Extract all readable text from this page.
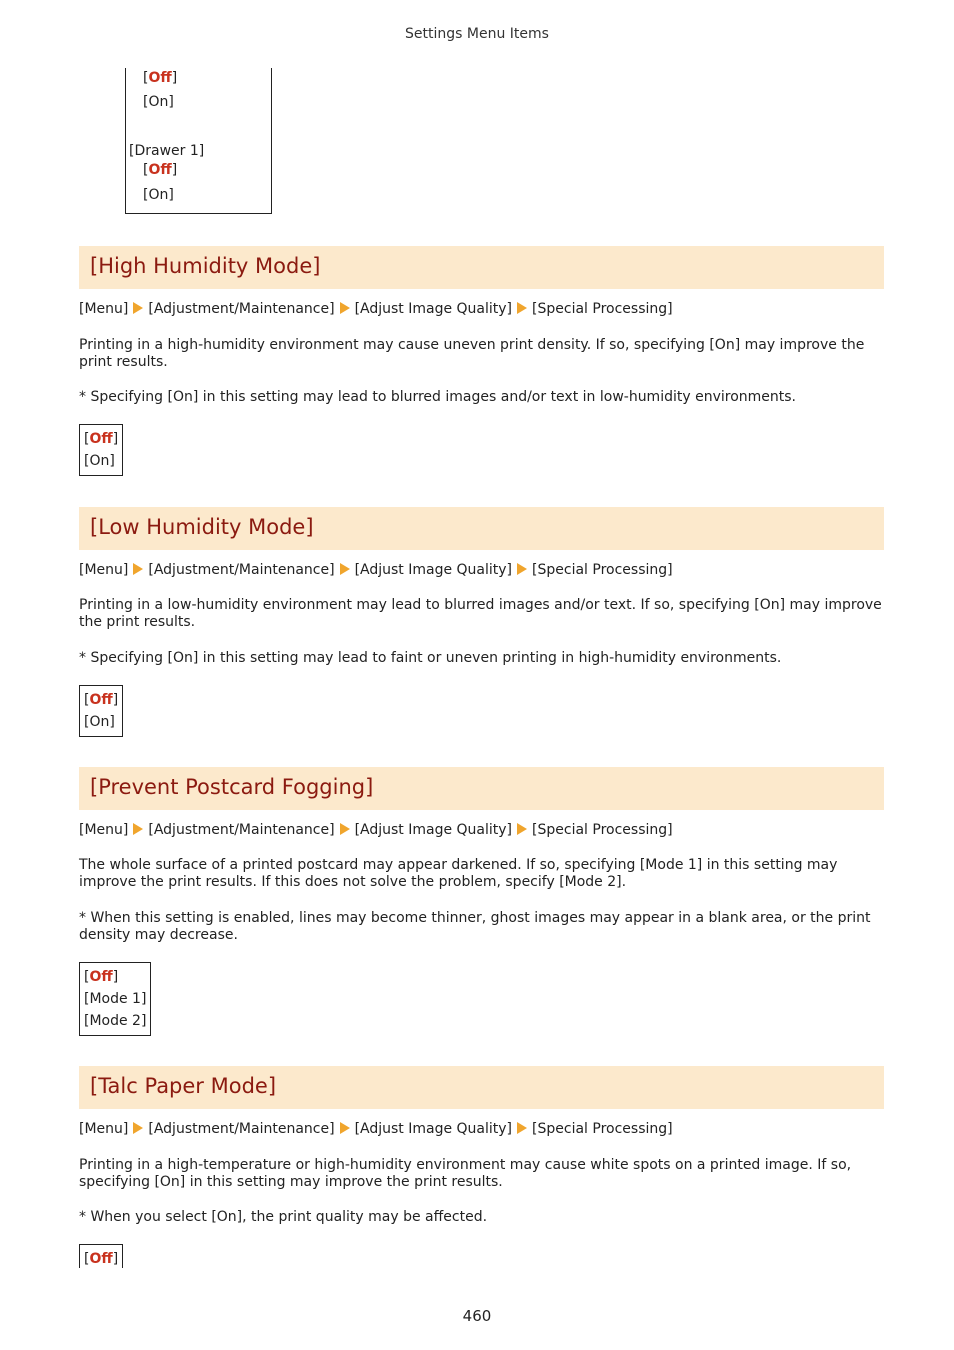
Settings Menu Items
[Off]
[On]
[Drawer 1]
[Off]
[On]
[High Humidity Mode]
[Menu] [Adjustment/Maintenance] [Adjust Image Quality] [Special Processing]
Printing in a high-humidity environment may cause uneven print density. If so, specifying [On] may improve the print results.
* Specifying [On] in this setting may lead to blurred images and/or text in low-humidity environments.
[Off]
[On]
[Low Humidity Mode]
[Menu] [Adjustment/Maintenance] [Adjust Image Quality] [Special Processing]
Printing in a low-humidity environment may lead to blurred images and/or text. If so, specifying [On] may improve the print results.
* Specifying [On] in this setting may lead to faint or uneven printing in high-humidity environments.
[Off]
[On]
[Prevent Postcard Fogging]
[Menu] [Adjustment/Maintenance] [Adjust Image Quality] [Special Processing]
The whole surface of a printed postcard may appear darkened. If so, specifying [Mode 1] in this setting may improve the print results. If this does not solve the problem, specify [Mode 2].
* When this setting is enabled, lines may become thinner, ghost images may appear in a blank area, or the print density may decrease.
[Off]
[Mode 1]
[Mode 2]
[Talc Paper Mode]
[Menu] [Adjustment/Maintenance] [Adjust Image Quality] [Special Processing]
Printing in a high-temperature or high-humidity environment may cause white spots on a printed image. If so, specifying [On] in this setting may improve the print results.
* When you select [On], the print quality may be affected.
[Off]
460
